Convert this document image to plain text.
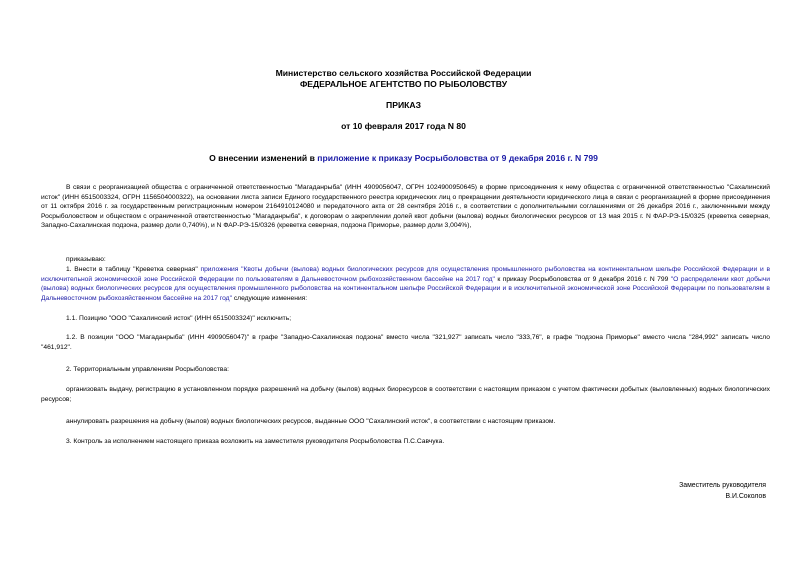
Министерство сельского хозяйства Российской Федерации
ФЕДЕРАЛЬНОЕ АГЕНТСТВО ПО РЫБОЛОВСТВУ
ПРИКАЗ
от 10 февраля 2017 года N 80
О внесении изменений в приложение к приказу Росрыболовства от 9 декабря 2016 г. N 799
В связи с реорганизацией общества с ограниченной ответственностью "Магаданрыба" (ИНН 4909056047, ОГРН 1024900950645) в форме присоединения к нему общества с ограниченной ответственностью "Сахалинский исток" (ИНН 6515003324, ОГРН 1156504000322), на основании листа записи Единого государственного реестра юридических лиц о прекращении деятельности юридического лица в связи с реорганизацией в форме присоединения от 11 октября 2016 г. за государственным регистрационным номером 2164910124080 и передаточного акта от 28 сентября 2016 г., в соответствии с дополнительными соглашениями от 26 декабря 2016 г., заключенными между Росрыболовством и обществом с ограниченной ответственностью "Магаданрыба", к договорам о закреплении долей квот добычи (вылова) водных биологических ресурсов от 13 мая 2015 г. N ФАР-РЭ-15/0325 (креветка северная, Западно-Сахалинская подзона, размер доли 0,740%), и N ФАР-РЭ-15/0326 (креветка северная, подзона Приморье, размер доли 3,004%),
приказываю:
1. Внести в таблицу "Креветка северная" приложения "Квоты добычи (вылова) водных биологических ресурсов для осуществления промышленного рыболовства на континентальном шельфе Российской Федерации и в исключительной экономической зоне Российской Федерации по пользователям в Дальневосточном рыбохозяйственном бассейне на 2017 год" к приказу Росрыболовства от 9 декабря 2016 г. N 799 "О распределении квот добычи (вылова) водных биологических ресурсов для осуществления промышленного рыболовства на континентальном шельфе Российской Федерации и в исключительной экономической зоне Российской Федерации по пользователям в Дальневосточном рыбохозяйственном бассейне на 2017 год" следующие изменения:
1.1. Позицию "ООО "Сахалинский исток" (ИНН 6515003324)" исключить;
1.2. В позиции "ООО "Магаданрыба" (ИНН 4909056047)" в графе "Западно-Сахалинская подзона" вместо числа "321,927" записать число "333,76", в графе "подзона Приморье" вместо числа "284,992" записать число "461,912".
2. Территориальным управлениям Росрыболовства:
организовать выдачу, регистрацию в установленном порядке разрешений на добычу (вылов) водных биоресурсов в соответствии с настоящим приказом с учетом фактически добытых (выловленных) водных биологических ресурсов;
аннулировать разрешения на добычу (вылов) водных биологических ресурсов, выданные ООО "Сахалинский исток", в соответствии с настоящим приказом.
3. Контроль за исполнением настоящего приказа возложить на заместителя руководителя Росрыболовства П.С.Савчука.
Заместитель руководителя
В.И.Соколов
